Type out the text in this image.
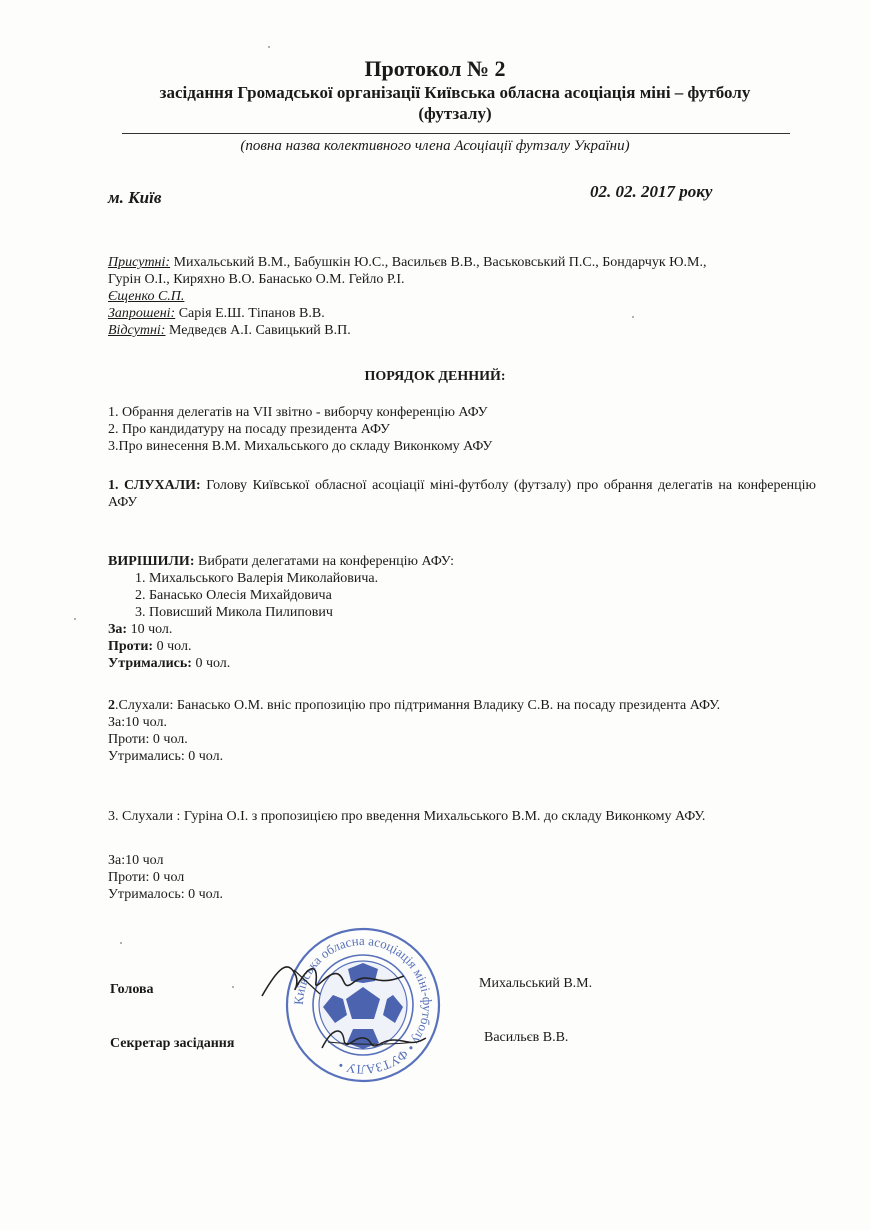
Протокол № 2
засідання Громадської організації Київська обласна асоціація міні – футболу
(футзалу)
(повна назва колективного члена Асоціації футзалу України)
м. Київ	02. 02. 2017 року
Присутні: Михальський В.М., Бабушкін Ю.С., Васильєв В.В., Васьковський П.С., Бондарчук Ю.М.,
Гурін О.І., Киряхно В.О. Банасько О.М. Гейло Р.І.
Єщенко С.П.
Запрошені: Сарія Е.Ш. Тіпанов В.В.
Відсутні: Медведєв А.І. Савицький В.П.
ПОРЯДОК ДЕННИЙ:
1. Обрання делегатів на VII звітно - виборчу конференцію АФУ
2. Про кандидатуру на посаду президента АФУ
3.Про винесення В.М. Михальського до складу Виконкому АФУ
1. СЛУХАЛИ: Голову Київської обласної асоціації міні-футболу (футзалу) про обрання делегатів на конференцію АФУ
ВИРІШИЛИ: Вибрати делегатами на конференцію АФУ:
1. Михальського Валерія Миколайовича.
2. Банасько Олесія Михайдовича
3. Повисший Микола Пилипович
За: 10 чол.
Проти: 0 чол.
Утримались: 0 чол.
2.Слухали: Банасько О.М. вніс пропозицію про підтримання Владику С.В. на посаду президента АФУ.
За:10 чол.
Проти: 0 чол.
Утримались: 0 чол.
3. Слухали : Гуріна О.І. з пропозицією про введення Михальського В.М. до складу Виконкому АФУ.
За:10 чол
Проти: 0 чол
Утрималось: 0 чол.
Київська обласна асоціація міні-футболу • ФУТЗАЛУ •
Голова	Михальський В.М.
Секретар засідання	Васильєв В.В.
